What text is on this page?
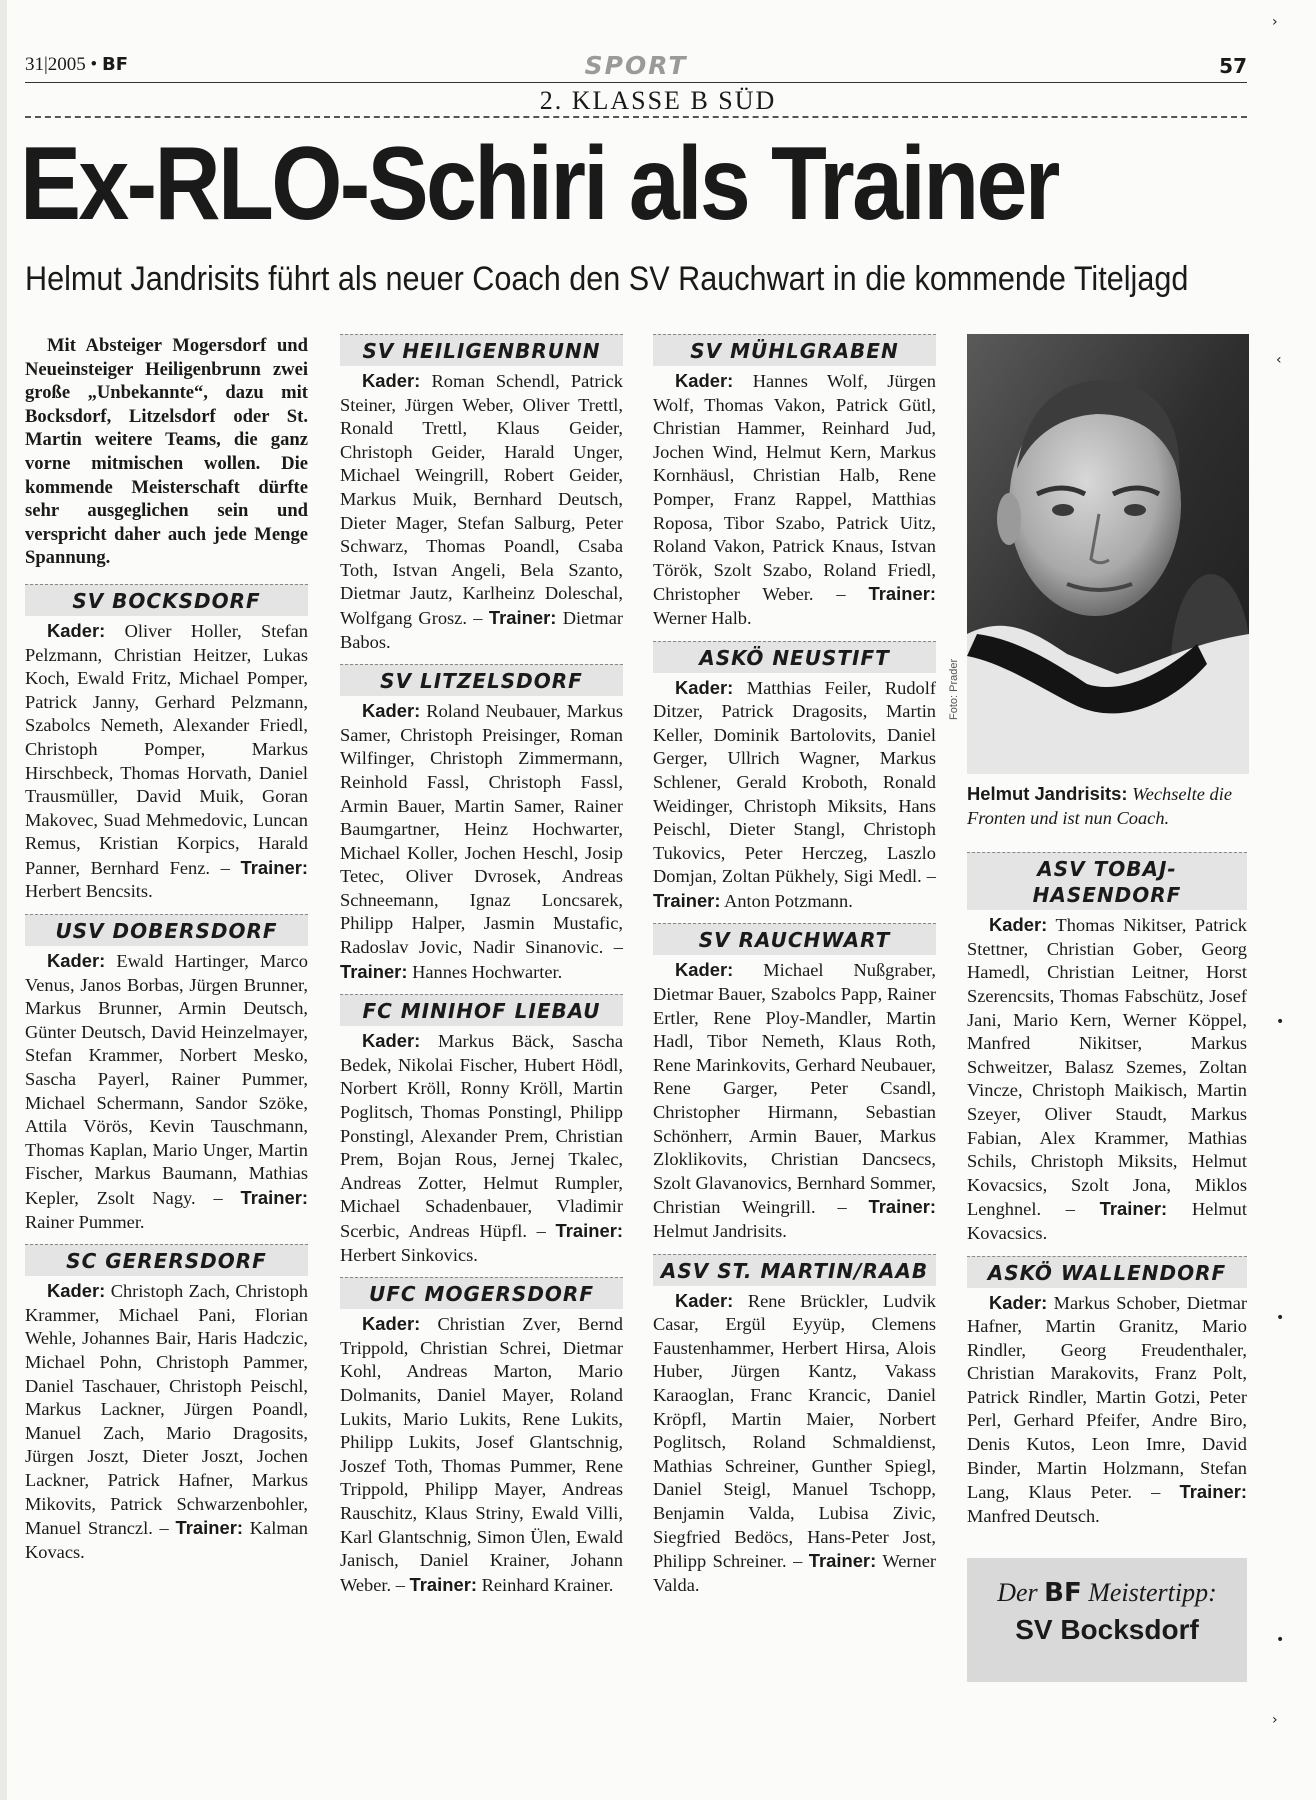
31|2005 • BF	SPORT	57
2. KLASSE B SÜD
Ex-RLO-Schiri als Trainer
Helmut Jandrisits führt als neuer Coach den SV Rauchwart in die kommende Titeljagd

Mit Absteiger Mogersdorf und Neueinsteiger Heiligenbrunn zwei große „Unbekannte“, dazu mit Bocksdorf, Litzelsdorf oder St. Martin weitere Teams, die ganz vorne mitmischen wollen. Die kommende Meisterschaft dürfte sehr ausgeglichen sein und verspricht daher auch jede Menge Spannung.

SV BOCKSDORF

Kader: Oliver Holler, Stefan Pelzmann, Christian Heitzer, Lukas Koch, Ewald Fritz, Michael Pomper, Patrick Janny, Gerhard Pelzmann, Szabolcs Nemeth, Alexander Friedl, Christoph Pomper, Markus Hirschbeck, Thomas Horvath, Daniel Trausmüller, David Muik, Goran Makovec, Suad Mehmedovic, Luncan Remus, Kristian Korpics, Harald Panner, Bernhard Fenz. – Trainer: Herbert Bencsits.

USV DOBERSDORF

Kader: Ewald Hartinger, Marco Venus, Janos Borbas, Jürgen Brunner, Markus Brunner, Armin Deutsch, Günter Deutsch, David Heinzelmayer, Stefan Krammer, Norbert Mesko, Sascha Payerl, Rainer Pummer, Michael Schermann, Sandor Szöke, Attila Vörös, Kevin Tauschmann, Thomas Kaplan, Mario Unger, Martin Fischer, Markus Baumann, Mathias Kepler, Zsolt Nagy. – Trainer: Rainer Pummer.

SC GERERSDORF

Kader: Christoph Zach, Christoph Krammer, Michael Pani, Florian Wehle, Johannes Bair, Haris Hadczic, Michael Pohn, Christoph Pammer, Daniel Taschauer, Christoph Peischl, Markus Lackner, Jürgen Poandl, Manuel Zach, Mario Dragosits, Jürgen Joszt, Dieter Joszt, Jochen Lackner, Patrick Hafner, Markus Mikovits, Patrick Schwarzenbohler, Manuel Stranczl. – Trainer: Kalman Kovacs.

SV HEILIGENBRUNN

Kader: Roman Schendl, Patrick Steiner, Jürgen Weber, Oliver Trettl, Ronald Trettl, Klaus Geider, Christoph Geider, Harald Unger, Michael Weingrill, Robert Geider, Markus Muik, Bernhard Deutsch, Dieter Mager, Stefan Salburg, Peter Schwarz, Thomas Poandl, Csaba Toth, Istvan Angeli, Bela Szanto, Dietmar Jautz, Karlheinz Doleschal, Wolfgang Grosz. – Trainer: Dietmar Babos.

SV LITZELSDORF

Kader: Roland Neubauer, Markus Samer, Christoph Preisinger, Roman Wilfinger, Christoph Zimmermann, Reinhold Fassl, Christoph Fassl, Armin Bauer, Martin Samer, Rainer Baumgartner, Heinz Hochwarter, Michael Koller, Jochen Heschl, Josip Tetec, Oliver Dvrosek, Andreas Schneemann, Ignaz Loncsarek, Philipp Halper, Jasmin Mustafic, Radoslav Jovic, Nadir Sinanovic. – Trainer: Hannes Hochwarter.

FC MINIHOF LIEBAU

Kader: Markus Bäck, Sascha Bedek, Nikolai Fischer, Hubert Hödl, Norbert Kröll, Ronny Kröll, Martin Poglitsch, Thomas Ponstingl, Philipp Ponstingl, Alexander Prem, Christian Prem, Bojan Rous, Jernej Tkalec, Andreas Zotter, Helmut Rumpler, Michael Schadenbauer, Vladimir Scerbic, Andreas Hüpfl. – Trainer: Herbert Sinkovics.

UFC MOGERSDORF

Kader: Christian Zver, Bernd Trippold, Christian Schrei, Dietmar Kohl, Andreas Marton, Mario Dolmanits, Daniel Mayer, Roland Lukits, Mario Lukits, Rene Lukits, Philipp Lukits, Josef Glantschnig, Joszef Toth, Thomas Pummer, Rene Trippold, Philipp Mayer, Andreas Rauschitz, Klaus Striny, Ewald Villi, Karl Glantschnig, Simon Ülen, Ewald Janisch, Daniel Krainer, Johann Weber. – Trainer: Reinhard Krainer.

SV MÜHLGRABEN

Kader: Hannes Wolf, Jürgen Wolf, Thomas Vakon, Patrick Gütl, Christian Hammer, Reinhard Jud, Jochen Wind, Helmut Kern, Markus Kornhäusl, Christian Halb, Rene Pomper, Franz Rappel, Matthias Roposa, Tibor Szabo, Patrick Uitz, Roland Vakon, Patrick Knaus, Istvan Török, Szolt Szabo, Roland Friedl, Christopher Weber. – Trainer: Werner Halb.

ASKÖ NEUSTIFT

Kader: Matthias Feiler, Rudolf Ditzer, Patrick Dragosits, Martin Keller, Dominik Bartolovits, Daniel Gerger, Ullrich Wagner, Markus Schlener, Gerald Kroboth, Ronald Weidinger, Christoph Miksits, Hans Peischl, Dieter Stangl, Christoph Tukovics, Peter Herczeg, Laszlo Domjan, Zoltan Pükhely, Sigi Medl. – Trainer: Anton Potzmann.

SV RAUCHWART

Kader: Michael Nußgraber, Dietmar Bauer, Szabolcs Papp, Rainer Ertler, Rene Ploy-Mandler, Martin Hadl, Tibor Nemeth, Klaus Roth, Rene Marinkovits, Gerhard Neubauer, Rene Garger, Peter Csandl, Christopher Hirmann, Sebastian Schönherr, Armin Bauer, Markus Zloklikovits, Christian Dancsecs, Szolt Glavanovics, Bernhard Sommer, Christian Weingrill. – Trainer: Helmut Jandrisits.

ASV ST. MARTIN/RAAB

Kader: Rene Brückler, Ludvik Casar, Ergül Eyyüp, Clemens Faustenhammer, Herbert Hirsa, Alois Huber, Jürgen Kantz, Vakass Karaoglan, Franc Krancic, Daniel Kröpfl, Martin Maier, Norbert Poglitsch, Roland Schmaldienst, Mathias Schreiner, Gunther Spiegl, Daniel Steigl, Manuel Tschopp, Benjamin Valda, Lubisa Zivic, Siegfried Bedöcs, Hans-Peter Jost, Philipp Schreiner. – Trainer: Werner Valda.

Foto: Prader

Helmut Jandrisits: Wechselte die Fronten und ist nun Coach.

ASV TOBAJ-HASENDORF

Kader: Thomas Nikitser, Patrick Stettner, Christian Gober, Georg Hamedl, Christian Leitner, Horst Szerencsits, Thomas Fabschütz, Josef Jani, Mario Kern, Werner Köppel, Manfred Nikitser, Markus Schweitzer, Balasz Szemes, Zoltan Vincze, Christoph Maikisch, Martin Szeyer, Oliver Staudt, Markus Fabian, Alex Krammer, Mathias Schils, Christoph Miksits, Helmut Kovacsics, Szolt Jona, Miklos Lenghnel. – Trainer: Helmut Kovacsics.

ASKÖ WALLENDORF

Kader: Markus Schober, Dietmar Hafner, Martin Granitz, Mario Rindler, Georg Freudenthaler, Christian Marakovits, Franz Polt, Patrick Rindler, Martin Gotzi, Peter Perl, Gerhard Pfeifer, Andre Biro, Denis Kutos, Leon Imre, David Binder, Martin Holzmann, Stefan Lang, Klaus Peter. – Trainer: Manfred Deutsch.

Der BF Meistertipp:
SV Bocksdorf
›
‹
•
•
•
›
